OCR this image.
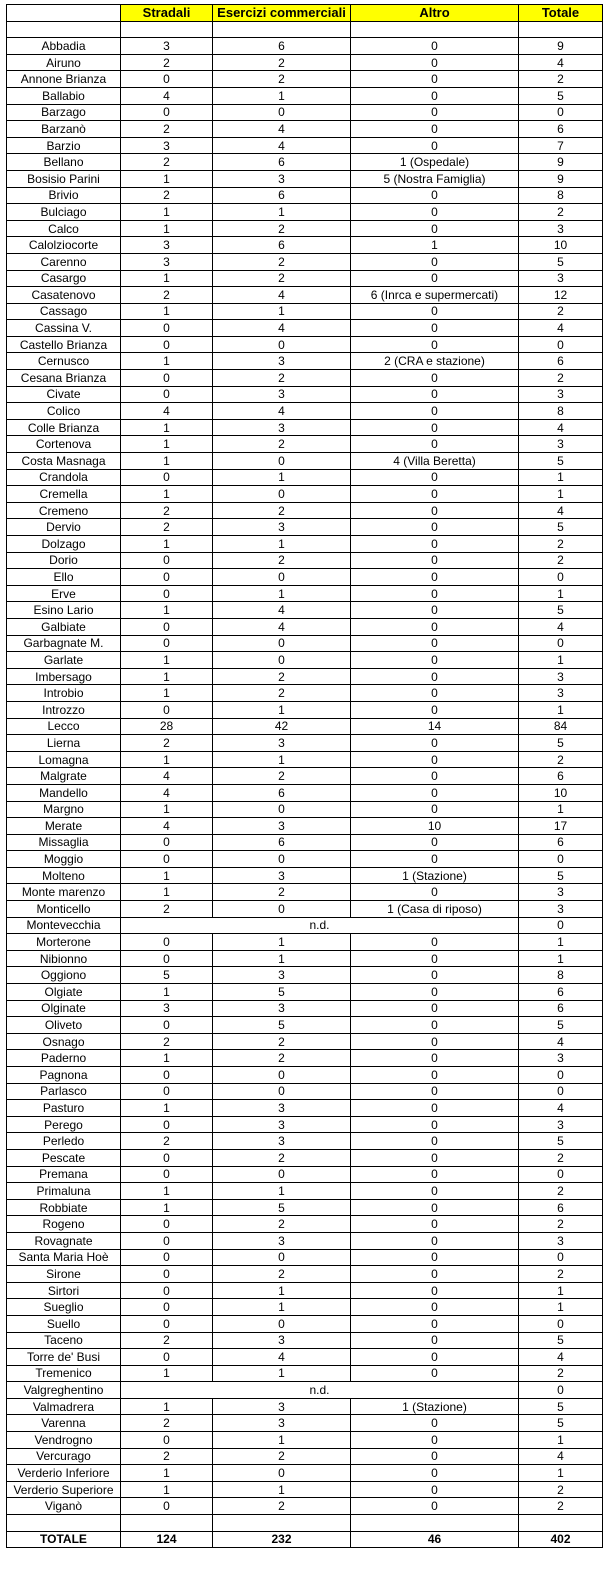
	Stradali	Esercizi commerciali	Altro	Totale

Abbadia	3	6	0	9
Airuno	2	2	0	4
Annone Brianza	0	2	0	2
Ballabio	4	1	0	5
Barzago	0	0	0	0
Barzanò	2	4	0	6
Barzio	3	4	0	7
Bellano	2	6	1 (Ospedale)	9
Bosisio Parini	1	3	5 (Nostra Famiglia)	9
Brivio	2	6	0	8
Bulciago	1	1	0	2
Calco	1	2	0	3
Calolziocorte	3	6	1	10
Carenno	3	2	0	5
Casargo	1	2	0	3
Casatenovo	2	4	6 (Inrca e supermercati)	12
Cassago	1	1	0	2
Cassina V.	0	4	0	4
Castello Brianza	0	0	0	0
Cernusco	1	3	2 (CRA e stazione)	6
Cesana Brianza	0	2	0	2
Civate	0	3	0	3
Colico	4	4	0	8
Colle Brianza	1	3	0	4
Cortenova	1	2	0	3
Costa Masnaga	1	0	4 (Villa Beretta)	5
Crandola	0	1	0	1
Cremella	1	0	0	1
Cremeno	2	2	0	4
Dervio	2	3	0	5
Dolzago	1	1	0	2
Dorio	0	2	0	2
Ello	0	0	0	0
Erve	0	1	0	1
Esino Lario	1	4	0	5
Galbiate	0	4	0	4
Garbagnate M.	0	0	0	0
Garlate	1	0	0	1
Imbersago	1	2	0	3
Introbio	1	2	0	3
Introzzo	0	1	0	1
Lecco	28	42	14	84
Lierna	2	3	0	5
Lomagna	1	1	0	2
Malgrate	4	2	0	6
Mandello	4	6	0	10
Margno	1	0	0	1
Merate	4	3	10	17
Missaglia	0	6	0	6
Moggio	0	0	0	0
Molteno	1	3	1 (Stazione)	5
Monte marenzo	1	2	0	3
Monticello	2	0	1 (Casa di riposo)	3
Montevecchia	n.d.			0
Morterone	0	1	0	1
Nibionno	0	1	0	1
Oggiono	5	3	0	8
Olgiate	1	5	0	6
Olginate	3	3	0	6
Oliveto	0	5	0	5
Osnago	2	2	0	4
Paderno	1	2	0	3
Pagnona	0	0	0	0
Parlasco	0	0	0	0
Pasturo	1	3	0	4
Perego	0	3	0	3
Perledo	2	3	0	5
Pescate	0	2	0	2
Premana	0	0	0	0
Primaluna	1	1	0	2
Robbiate	1	5	0	6
Rogeno	0	2	0	2
Rovagnate	0	3	0	3
Santa Maria Hoè	0	0	0	0
Sirone	0	2	0	2
Sirtori	0	1	0	1
Sueglio	0	1	0	1
Suello	0	0	0	0
Taceno	2	3	0	5
Torre de' Busi	0	4	0	4
Tremenico	1	1	0	2
Valgreghentino	n.d.			0
Valmadrera	1	3	1 (Stazione)	5
Varenna	2	3	0	5
Vendrogno	0	1	0	1
Vercurago	2	2	0	4
Verderio Inferiore	1	0	0	1
Verderio Superiore	1	1	0	2
Viganò	0	2	0	2

TOTALE	124	232	46	402
